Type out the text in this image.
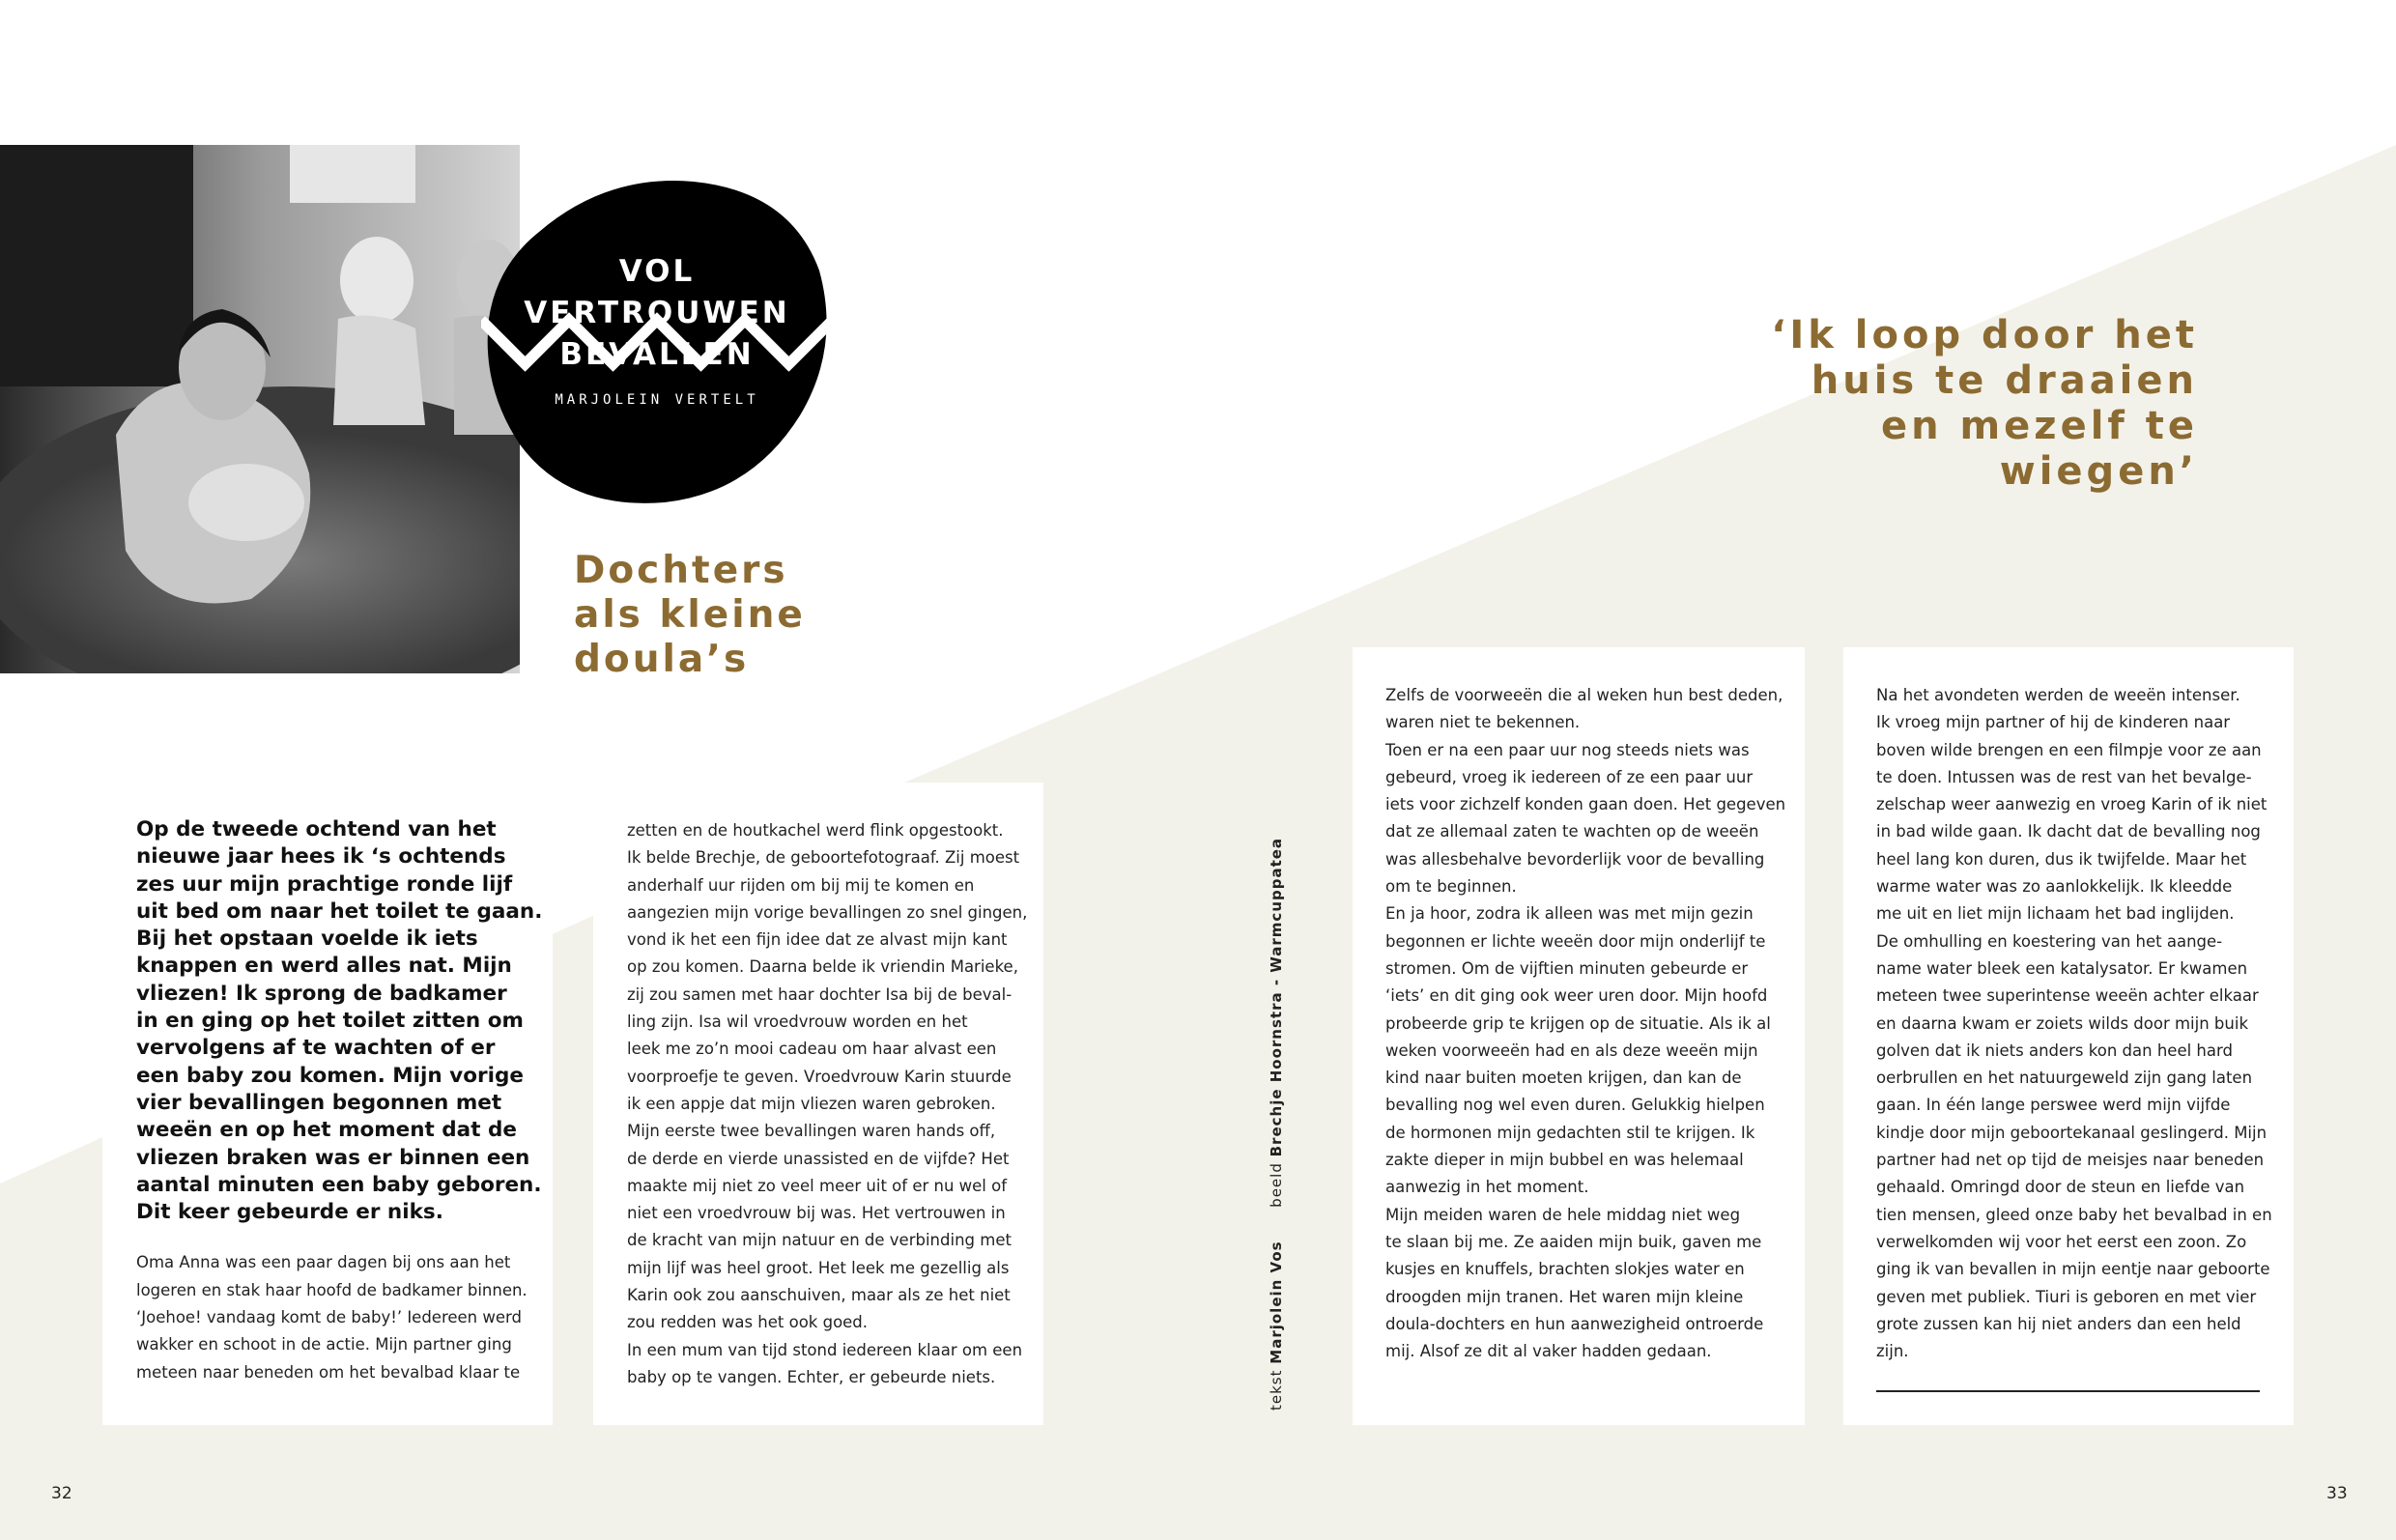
VOL
VERTROUWEN
BEVALLEN
MARJOLEIN VERTELT
Dochters
als kleine
doula’s
‘Ik loop door het
huis te draaien
en mezelf te
wiegen’

Op de tweede ochtend van het

nieuwe jaar hees ik ‘s ochtends

zes uur mijn prachtige ronde lijf

uit bed om naar het toilet te gaan.

Bij het opstaan voelde ik iets

knappen en werd alles nat. Mijn

vliezen! Ik sprong de badkamer

in en ging op het toilet zitten om

vervolgens af te wachten of er

een baby zou komen. Mijn vorige

vier bevallingen begonnen met

weeën en op het moment dat de

vliezen braken was er binnen een

aantal minuten een baby geboren.

Dit keer gebeurde er niks.

Oma Anna was een paar dagen bij ons aan het

logeren en stak haar hoofd de badkamer binnen.

‘Joehoe! vandaag komt de baby!’ Iedereen werd

wakker en schoot in de actie. Mijn partner ging

meteen naar beneden om het bevalbad klaar te

zetten en de houtkachel werd flink opgestookt.

Ik belde Brechje, de geboortefotograaf. Zij moest

anderhalf uur rijden om bij mij te komen en

aangezien mijn vorige bevallingen zo snel gingen,

vond ik het een fijn idee dat ze alvast mijn kant

op zou komen. Daarna belde ik vriendin Marieke,

zij zou samen met haar dochter Isa bij de beval-

ling zijn. Isa wil vroedvrouw worden en het

leek me zo’n mooi cadeau om haar alvast een

voorproefje te geven. Vroedvrouw Karin stuurde

ik een appje dat mijn vliezen waren gebroken.

Mijn eerste twee bevallingen waren hands off,

de derde en vierde unassisted en de vijfde? Het

maakte mij niet zo veel meer uit of er nu wel of

niet een vroedvrouw bij was. Het vertrouwen in

de kracht van mijn natuur en de verbinding met

mijn lijf was heel groot. Het leek me gezellig als

Karin ook zou aanschuiven, maar als ze het niet

zou redden was het ook goed.

In een mum van tijd stond iedereen klaar om een

baby op te vangen. Echter, er gebeurde niets.	tekst Marjolein Vos      beeld Brechje Hoornstra - Warmcuppatea

Zelfs de voorweeën die al weken hun best deden,

waren niet te bekennen.

Toen er na een paar uur nog steeds niets was

gebeurd, vroeg ik iedereen of ze een paar uur

iets voor zichzelf konden gaan doen. Het gegeven

dat ze allemaal zaten te wachten op de weeën

was allesbehalve bevorderlijk voor de bevalling

om te beginnen.

En ja hoor, zodra ik alleen was met mijn gezin

begonnen er lichte weeën door mijn onderlijf te

stromen. Om de vijftien minuten gebeurde er

‘iets’ en dit ging ook weer uren door. Mijn hoofd

probeerde grip te krijgen op de situatie. Als ik al

weken voorweeën had en als deze weeën mijn

kind naar buiten moeten krijgen, dan kan de

bevalling nog wel even duren. Gelukkig hielpen

de hormonen mijn gedachten stil te krijgen. Ik

zakte dieper in mijn bubbel en was helemaal

aanwezig in het moment.

Mijn meiden waren de hele middag niet weg

te slaan bij me. Ze aaiden mijn buik, gaven me

kusjes en knuffels, brachten slokjes water en

droogden mijn tranen. Het waren mijn kleine

doula-dochters en hun aanwezigheid ontroerde

mij. Alsof ze dit al vaker hadden gedaan.

Na het avondeten werden de weeën intenser.

Ik vroeg mijn partner of hij de kinderen naar

boven wilde brengen en een filmpje voor ze aan

te doen. Intussen was de rest van het bevalge-

zelschap weer aanwezig en vroeg Karin of ik niet

in bad wilde gaan. Ik dacht dat de bevalling nog

heel lang kon duren, dus ik twijfelde. Maar het

warme water was zo aanlokkelijk. Ik kleedde

me uit en liet mijn lichaam het bad inglijden.

De omhulling en koestering van het aange-

name water bleek een katalysator. Er kwamen

meteen twee superintense weeën achter elkaar

en daarna kwam er zoiets wilds door mijn buik

golven dat ik niets anders kon dan heel hard

oerbrullen en het natuurgeweld zijn gang laten

gaan. In één lange perswee werd mijn vijfde

kindje door mijn geboortekanaal geslingerd. Mijn

partner had net op tijd de meisjes naar beneden

gehaald. Omringd door de steun en liefde van

tien mensen, gleed onze baby het bevalbad in en

verwelkomden wij voor het eerst een zoon. Zo

ging ik van bevallen in mijn eentje naar geboorte

geven met publiek. Tiuri is geboren en met vier

grote zussen kan hij niet anders dan een held

zijn.

32	33
